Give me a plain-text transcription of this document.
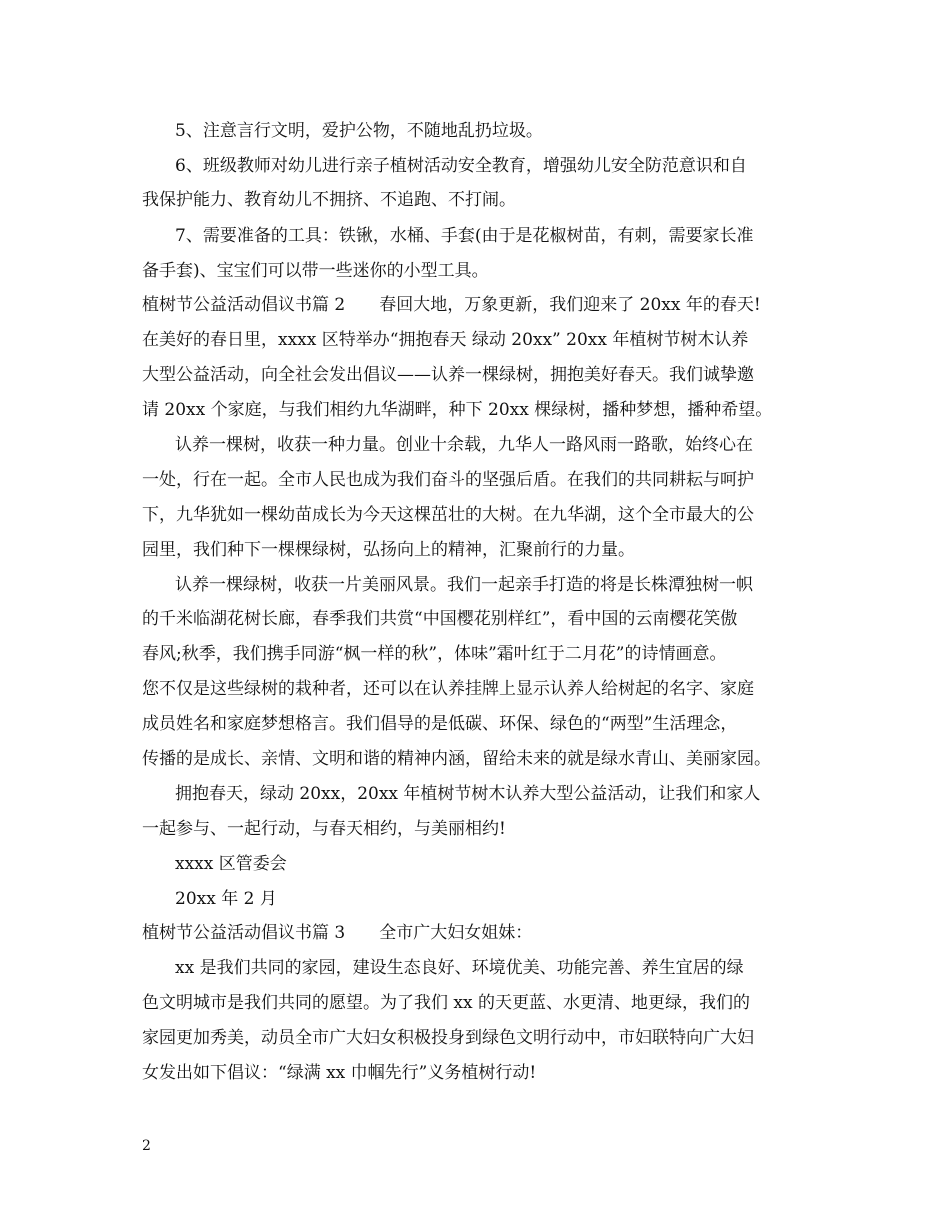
5、注意言行文明，爱护公物，不随地乱扔垃圾。
6、班级教师对幼儿进行亲子植树活动安全教育，增强幼儿安全防范意识和自
我保护能力、教育幼儿不拥挤、不追跑、不打闹。
7、需要准备的工具：铁锹，水桶、手套(由于是花椒树苗，有刺，需要家长准
备手套)、宝宝们可以带一些迷你的小型工具。
植树节公益活动倡议书篇 2　　春回大地，万象更新，我们迎来了 20xx 年的春天!
在美好的春日里，xxxx 区特举办“拥抱春天 绿动 20xx” 20xx 年植树节树木认养
大型公益活动，向全社会发出倡议——认养一棵绿树，拥抱美好春天。我们诚挚邀
请 20xx 个家庭，与我们相约九华湖畔，种下 20xx 棵绿树，播种梦想，播种希望。
认养一棵树，收获一种力量。创业十余载，九华人一路风雨一路歌，始终心在
一处，行在一起。全市人民也成为我们奋斗的坚强后盾。在我们的共同耕耘与呵护
下，九华犹如一棵幼苗成长为今天这棵茁壮的大树。在九华湖，这个全市最大的公
园里，我们种下一棵棵绿树，弘扬向上的精神，汇聚前行的力量。
认养一棵绿树，收获一片美丽风景。我们一起亲手打造的将是长株潭独树一帜
的千米临湖花树长廊，春季我们共赏“中国樱花别样红”，看中国的云南樱花笑傲
春风;秋季，我们携手同游“枫一样的秋”，体味”霜叶红于二月花”的诗情画意。
您不仅是这些绿树的栽种者，还可以在认养挂牌上显示认养人给树起的名字、家庭
成员姓名和家庭梦想格言。我们倡导的是低碳、环保、绿色的“两型”生活理念，
传播的是成长、亲情、文明和谐的精神内涵，留给未来的就是绿水青山、美丽家园。
拥抱春天，绿动 20xx，20xx 年植树节树木认养大型公益活动，让我们和家人
一起参与、一起行动，与春天相约，与美丽相约!
xxxx 区管委会
20xx 年 2 月
植树节公益活动倡议书篇 3　　全市广大妇女姐妹：
xx 是我们共同的家园，建设生态良好、环境优美、功能完善、养生宜居的绿
色文明城市是我们共同的愿望。为了我们 xx 的天更蓝、水更清、地更绿，我们的
家园更加秀美，动员全市广大妇女积极投身到绿色文明行动中，市妇联特向广大妇
女发出如下倡议：“绿满 xx 巾帼先行”义务植树行动!
2
